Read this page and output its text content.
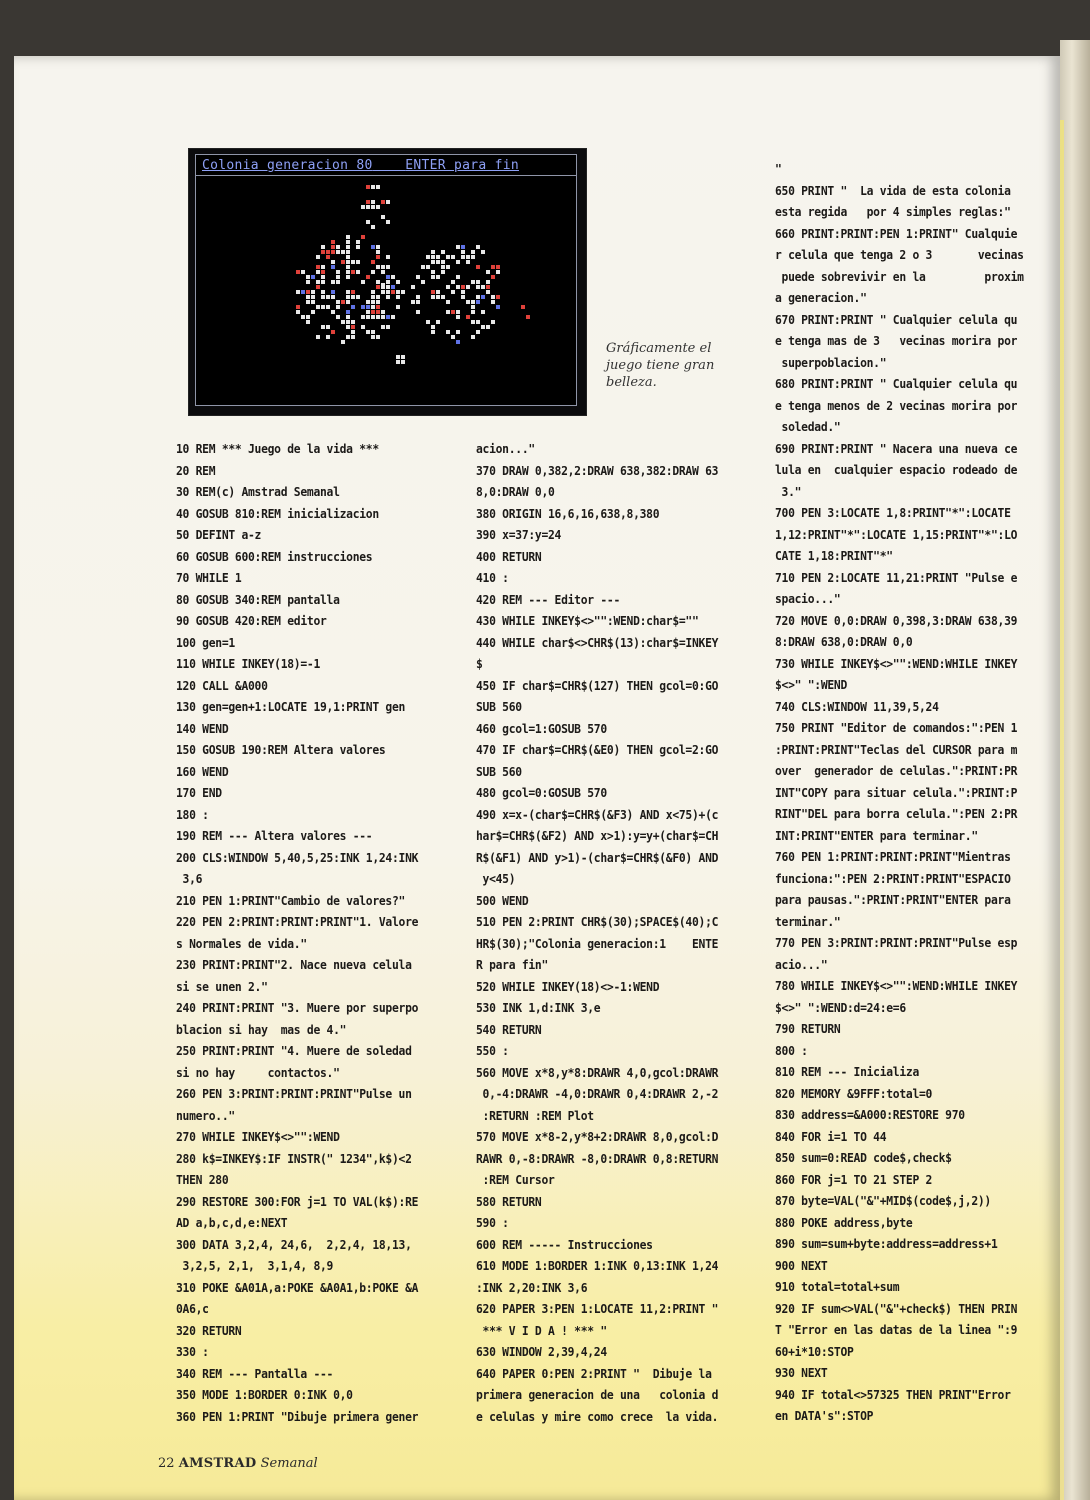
Colonia generacion 80	ENTER para fin
Gráficamente el
juego tiene gran
belleza.
10 REM *** Juego de la vida ***
20 REM
30 REM(c) Amstrad Semanal
40 GOSUB 810:REM inicializacion
50 DEFINT a-z
60 GOSUB 600:REM instrucciones
70 WHILE 1
80 GOSUB 340:REM pantalla
90 GOSUB 420:REM editor
100 gen=1
110 WHILE INKEY(18)=-1
120 CALL &A000
130 gen=gen+1:LOCATE 19,1:PRINT gen
140 WEND
150 GOSUB 190:REM Altera valores
160 WEND
170 END
180 :
190 REM --- Altera valores ---
200 CLS:WINDOW 5,40,5,25:INK 1,24:INK
3,6
210 PEN 1:PRINT"Cambio de valores?"
220 PEN 2:PRINT:PRINT:PRINT"1. Valore
s Normales de vida."
230 PRINT:PRINT"2. Nace nueva celula
si se unen 2."
240 PRINT:PRINT "3. Muere por superpo
blacion si hay  mas de 4."
250 PRINT:PRINT "4. Muere de soledad
si no hay     contactos."
260 PEN 3:PRINT:PRINT:PRINT"Pulse un
numero.."
270 WHILE INKEY$<>"":WEND
280 k$=INKEY$:IF INSTR(" 1234",k$)<2
THEN 280
290 RESTORE 300:FOR j=1 TO VAL(k$):RE
AD a,b,c,d,e:NEXT
300 DATA 3,2,4, 24,6,  2,2,4, 18,13,
3,2,5, 2,1,  3,1,4, 8,9
310 POKE &A01A,a:POKE &A0A1,b:POKE &A
0A6,c
320 RETURN
330 :
340 REM --- Pantalla ---
350 MODE 1:BORDER 0:INK 0,0
360 PEN 1:PRINT "Dibuje primera gener
acion..."
370 DRAW 0,382,2:DRAW 638,382:DRAW 63
8,0:DRAW 0,0
380 ORIGIN 16,6,16,638,8,380
390 x=37:y=24
400 RETURN
410 :
420 REM --- Editor ---
430 WHILE INKEY$<>"":WEND:char$=""
440 WHILE char$<>CHR$(13):char$=INKEY
$
450 IF char$=CHR$(127) THEN gcol=0:GO
SUB 560
460 gcol=1:GOSUB 570
470 IF char$=CHR$(&E0) THEN gcol=2:GO
SUB 560
480 gcol=0:GOSUB 570
490 x=x-(char$=CHR$(&F3) AND x<75)+(c
har$=CHR$(&F2) AND x>1):y=y+(char$=CH
R$(&F1) AND y>1)-(char$=CHR$(&F0) AND
y<45)
500 WEND
510 PEN 2:PRINT CHR$(30);SPACE$(40);C
HR$(30);"Colonia generacion:1    ENTE
R para fin"
520 WHILE INKEY(18)<>-1:WEND
530 INK 1,d:INK 3,e
540 RETURN
550 :
560 MOVE x*8,y*8:DRAWR 4,0,gcol:DRAWR
0,-4:DRAWR -4,0:DRAWR 0,4:DRAWR 2,-2
:RETURN :REM Plot
570 MOVE x*8-2,y*8+2:DRAWR 8,0,gcol:D
RAWR 0,-8:DRAWR -8,0:DRAWR 0,8:RETURN
:REM Cursor
580 RETURN
590 :
600 REM ----- Instrucciones
610 MODE 1:BORDER 1:INK 0,13:INK 1,24
:INK 2,20:INK 3,6
620 PAPER 3:PEN 1:LOCATE 11,2:PRINT "
*** V I D A ! *** "
630 WINDOW 2,39,4,24
640 PAPER 0:PEN 2:PRINT "  Dibuje la
primera generacion de una   colonia d
e celulas y mire como crece  la vida.
"
650 PRINT "  La vida de esta colonia
esta regida   por 4 simples reglas:"
660 PRINT:PRINT:PEN 1:PRINT" Cualquie
r celula que tenga 2 o 3       vecinas
puede sobrevivir en la         proxim
a generacion."
670 PRINT:PRINT " Cualquier celula qu
e tenga mas de 3   vecinas morira por
superpoblacion."
680 PRINT:PRINT " Cualquier celula qu
e tenga menos de 2 vecinas morira por
soledad."
690 PRINT:PRINT " Nacera una nueva ce
lula en  cualquier espacio rodeado de
3."
700 PEN 3:LOCATE 1,8:PRINT"*":LOCATE
1,12:PRINT"*":LOCATE 1,15:PRINT"*":LO
CATE 1,18:PRINT"*"
710 PEN 2:LOCATE 11,21:PRINT "Pulse e
spacio..."
720 MOVE 0,0:DRAW 0,398,3:DRAW 638,39
8:DRAW 638,0:DRAW 0,0
730 WHILE INKEY$<>"":WEND:WHILE INKEY
$<>" ":WEND
740 CLS:WINDOW 11,39,5,24
750 PRINT "Editor de comandos:":PEN 1
:PRINT:PRINT"Teclas del CURSOR para m
over  generador de celulas.":PRINT:PR
INT"COPY para situar celula.":PRINT:P
RINT"DEL para borra celula.":PEN 2:PR
INT:PRINT"ENTER para terminar."
760 PEN 1:PRINT:PRINT:PRINT"Mientras
funciona:":PEN 2:PRINT:PRINT"ESPACIO
para pausas.":PRINT:PRINT"ENTER para
terminar."
770 PEN 3:PRINT:PRINT:PRINT"Pulse esp
acio..."
780 WHILE INKEY$<>"":WEND:WHILE INKEY
$<>" ":WEND:d=24:e=6
790 RETURN
800 :
810 REM --- Inicializa
820 MEMORY &9FFF:total=0
830 address=&A000:RESTORE 970
840 FOR i=1 TO 44
850 sum=0:READ code$,check$
860 FOR j=1 TO 21 STEP 2
870 byte=VAL("&"+MID$(code$,j,2))
880 POKE address,byte
890 sum=sum+byte:address=address+1
900 NEXT
910 total=total+sum
920 IF sum<>VAL("&"+check$) THEN PRIN
T "Error en las datas de la linea ":9
60+i*10:STOP
930 NEXT
940 IF total<>57325 THEN PRINT"Error
en DATA's":STOP
22 AMSTRAD Semanal
